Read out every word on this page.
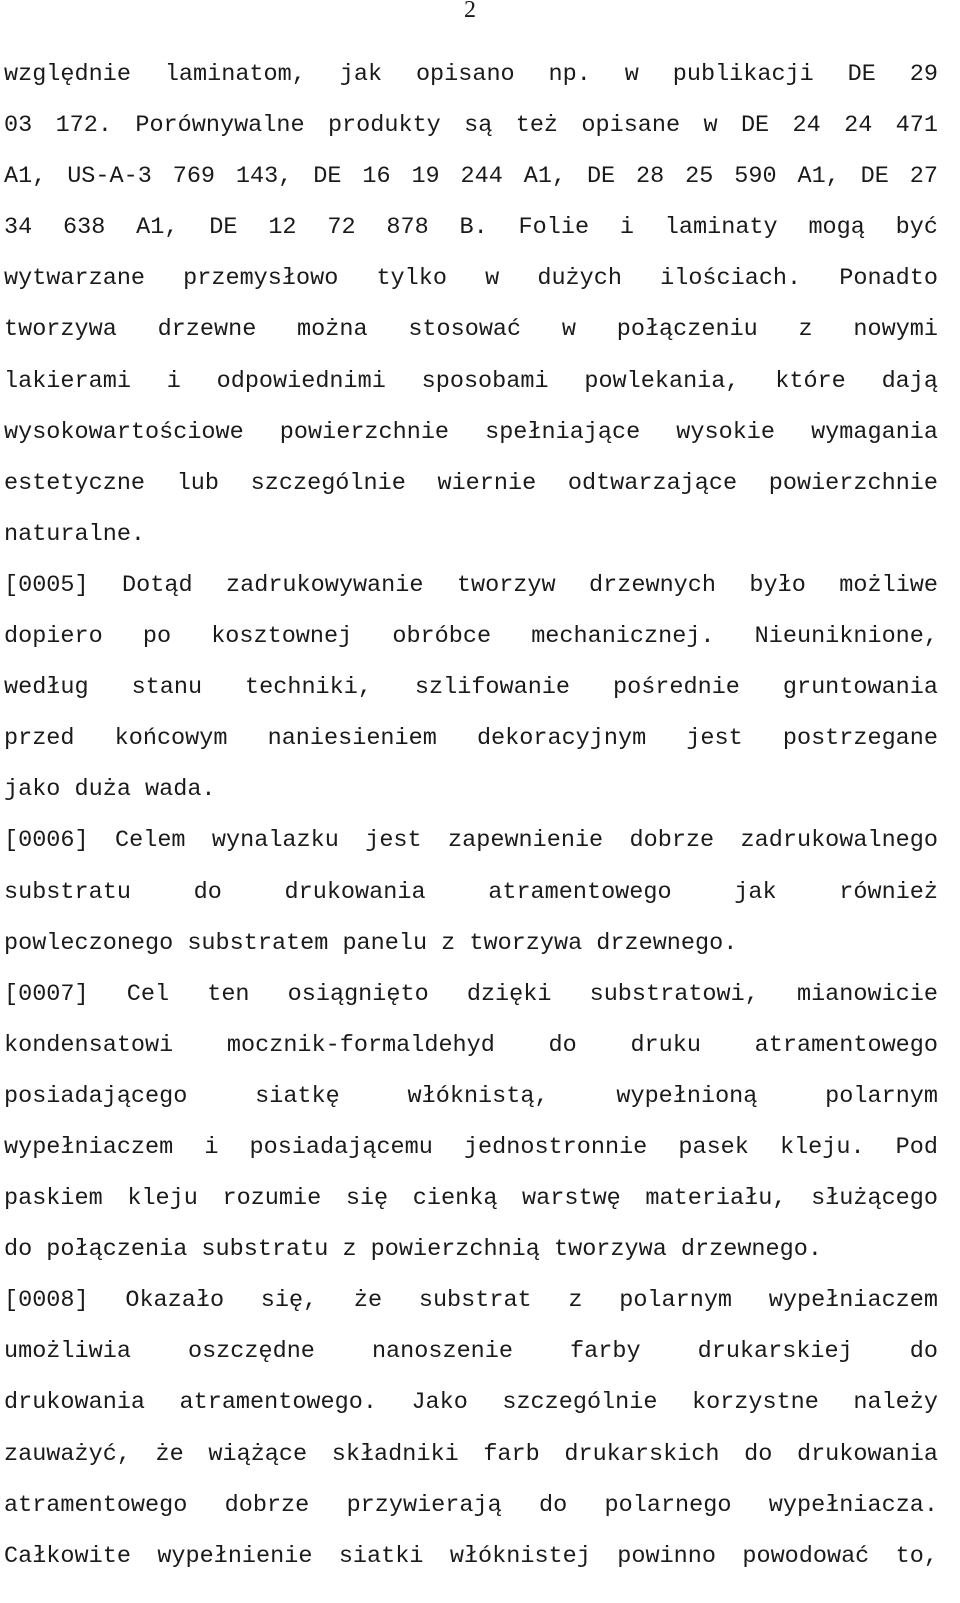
2
względnie laminatom, jak opisano np. w publikacji DE 29
03 172. Porównywalne produkty są też opisane w DE 24 24 471
A1, US-A-3 769 143, DE 16 19 244 A1, DE 28 25 590 A1, DE 27
34 638 A1, DE 12 72 878 B. Folie i laminaty mogą być
wytwarzane przemysłowo tylko w dużych ilościach. Ponadto
tworzywa drzewne można stosować w połączeniu z nowymi
lakierami i odpowiednimi sposobami powlekania, które dają
wysokowartościowe powierzchnie spełniające wysokie wymagania
estetyczne lub szczególnie wiernie odtwarzające powierzchnie
naturalne.
[0005] Dotąd zadrukowywanie tworzyw drzewnych było możliwe
dopiero po kosztownej obróbce mechanicznej. Nieuniknione,
według stanu techniki, szlifowanie pośrednie gruntowania
przed końcowym naniesieniem dekoracyjnym jest postrzegane
jako duża wada.
[0006] Celem wynalazku jest zapewnienie dobrze zadrukowalnego
substratu do drukowania atramentowego jak również
powleczonego substratem panelu z tworzywa drzewnego.
[0007] Cel ten osiągnięto dzięki substratowi, mianowicie
kondensatowi mocznik-formaldehyd do druku atramentowego
posiadającego siatkę włóknistą, wypełnioną polarnym
wypełniaczem i posiadającemu jednostronnie pasek kleju. Pod
paskiem kleju rozumie się cienką warstwę materiału, służącego
do połączenia substratu z powierzchnią tworzywa drzewnego.
[0008] Okazało się, że substrat z polarnym wypełniaczem
umożliwia oszczędne nanoszenie farby drukarskiej do
drukowania atramentowego. Jako szczególnie korzystne należy
zauważyć, że wiążące składniki farb drukarskich do drukowania
atramentowego dobrze przywierają do polarnego wypełniacza.
Całkowite wypełnienie siatki włóknistej powinno powodować to,
